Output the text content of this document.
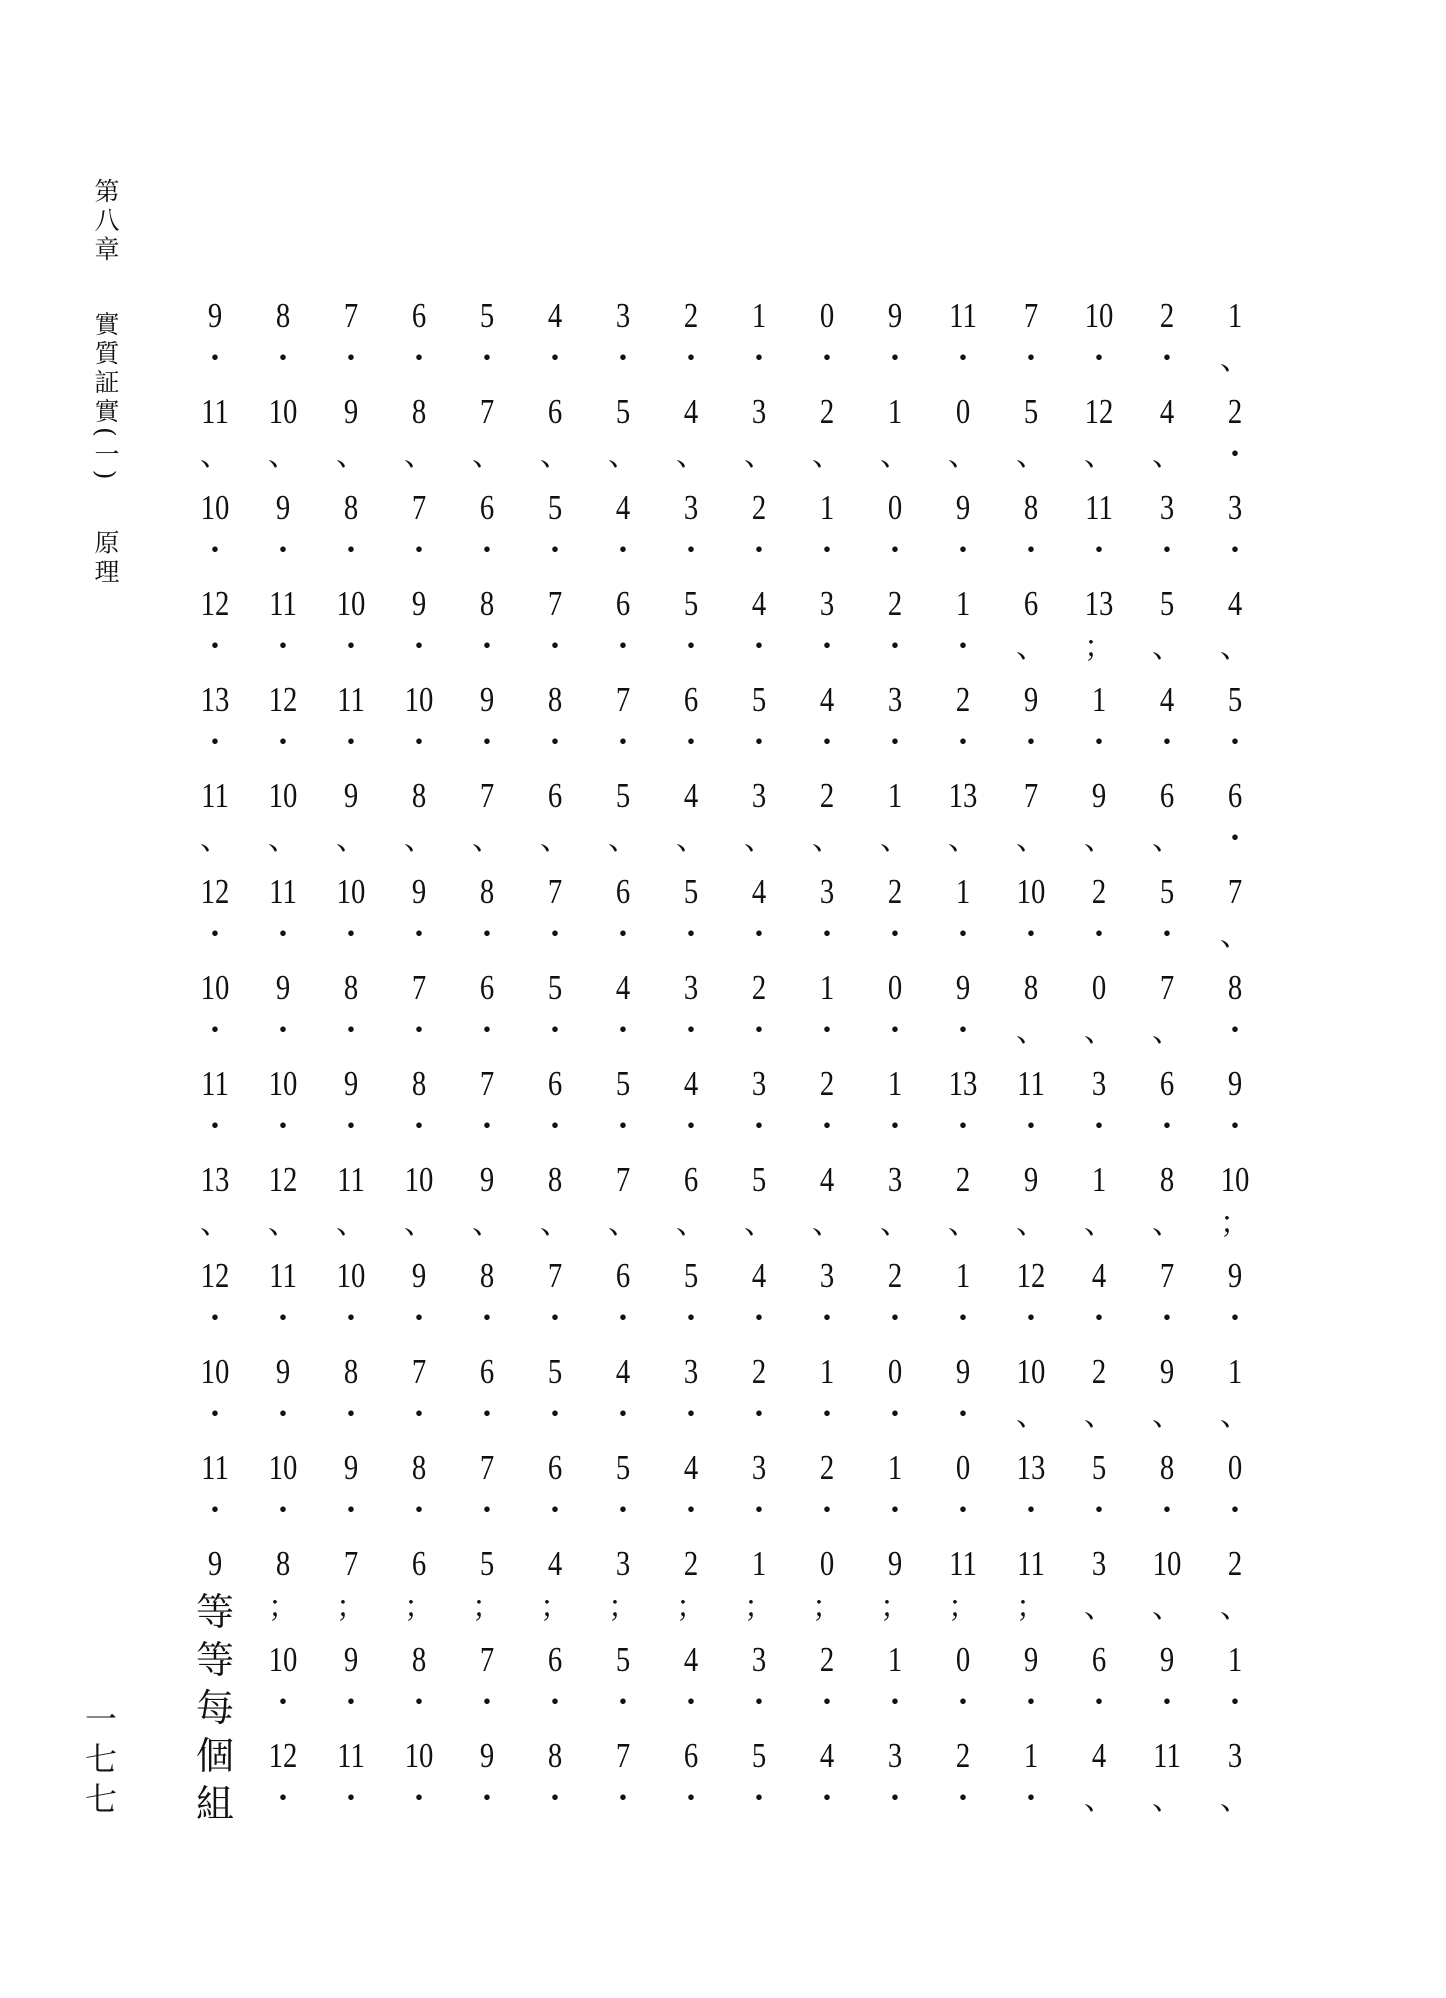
第八章實質証實(一)原理
一七七
1
、
2
・
3
・
4
、
5
・
6
・
7
、
8
・
9
・
10
；
9
・
1
、
0
・
2
、
1
・
3
、
2
・
4
、
3
・
5
、
4
・
6
、
5
・
7
、
6
・
8
、
7
・
9
、
8
・
10
、
9
・
11
、
10
・
12
、
11
・
13
；
1
・
9
、
2
・
0
、
3
・
1
、
4
・
2
、
5
・
3
、
6
・
4
、
7
・
5
、
8
・
6
、
9
・
7
、
10
・
8
、
11
・
9
、
12
・
10
、
13
・
11
；
9
・
1
・
11
・
0
、
9
・
1
・
2
・
13
、
1
・
9
・
13
・
2
、
1
・
9
・
0
・
11
；
0
・
2
・
9
・
1
、
0
・
2
・
3
・
1
、
2
・
0
・
1
・
3
、
2
・
0
・
1
・
9
；
1
・
3
・
0
・
2
、
1
・
3
・
4
・
2
、
3
・
1
・
2
・
4
、
3
・
1
・
2
・
0
；
2
・
4
・
1
・
3
、
2
・
4
・
5
・
3
、
4
・
2
・
3
・
5
、
4
・
2
・
3
・
1
；
3
・
5
・
2
・
4
、
3
・
5
・
6
・
4
、
5
・
3
・
4
・
6
、
5
・
3
・
4
・
2
；
4
・
6
・
3
・
5
、
4
・
6
・
7
・
5
、
6
・
4
・
5
・
7
、
6
・
4
・
5
・
3
；
5
・
7
・
4
・
6
、
5
・
7
・
8
・
6
、
7
・
5
・
6
・
8
、
7
・
5
・
6
・
4
；
6
・
8
・
5
・
7
、
6
・
8
・
9
・
7
、
8
・
6
・
7
・
9
、
8
・
6
・
7
・
5
；
7
・
9
・
6
・
8
、
7
・
9
・
10
・
8
、
9
・
7
・
8
・
10
、
9
・
7
・
8
・
6
；
8
・
10
・
7
・
9
、
8
・
10
・
11
・
9
、
10
・
8
・
9
・
11
、
10
・
8
・
9
・
7
；
9
・
11
・
8
・
10
、
9
・
11
・
12
・
10
、
11
・
9
・
10
・
12
、
11
・
9
・
10
・
8
；
10
・
12
・
9
・
11
、
10
・
12
・
13
・
11
、
12
・
10
・
11
・
13
、
12
・
10
・
11
・
9
等
等
每
個
組
